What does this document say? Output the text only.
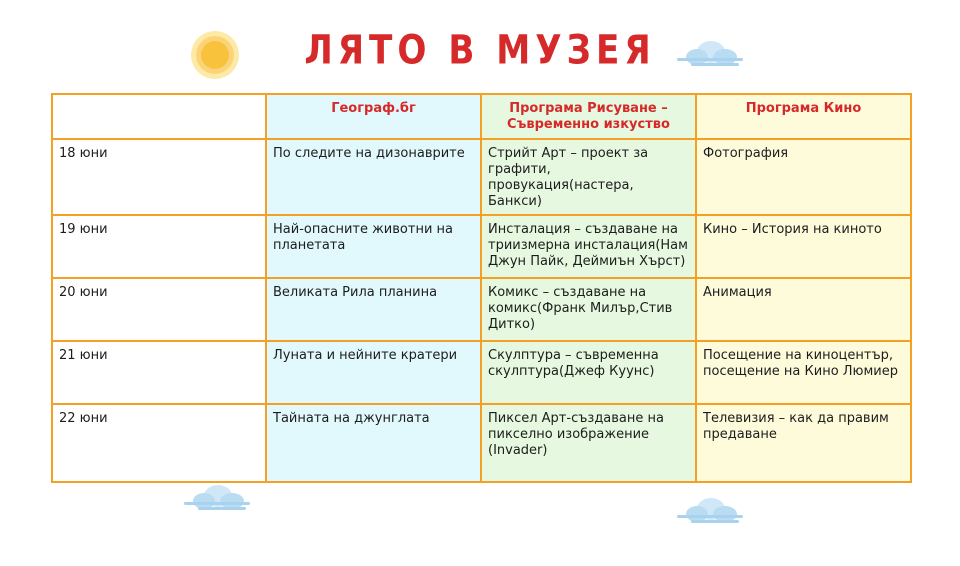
ЛЯТО В МУЗЕЯ
	Географ.бг	Програма Рисуване – Съвременно изкуство	Програма Кино
18 юни	По следите на дизонаврите	Стрийт Арт – проект за графити, провукация(настера, Банкси)	Фотография
19 юни	Най-опасните животни на планетата	Инсталация – създаване на триизмерна инсталация(Нам Джун Пайк, Деймиън Хърст)	Кино – История на киното
20 юни	Великата Рила планина	Комикс – създаване на комикс(Франк Милър,Стив Дитко)	Анимация
21 юни	Луната и нейните кратери	Скулптура – съвременна скулптура(Джеф Куунс)	Посещение на киноцентър, посещение на Кино Люмиер
22 юни	Тайната на джунглата	Пиксел Арт-създаване на пикселно изображение (Invader)	Телевизия – как да правим предаване
